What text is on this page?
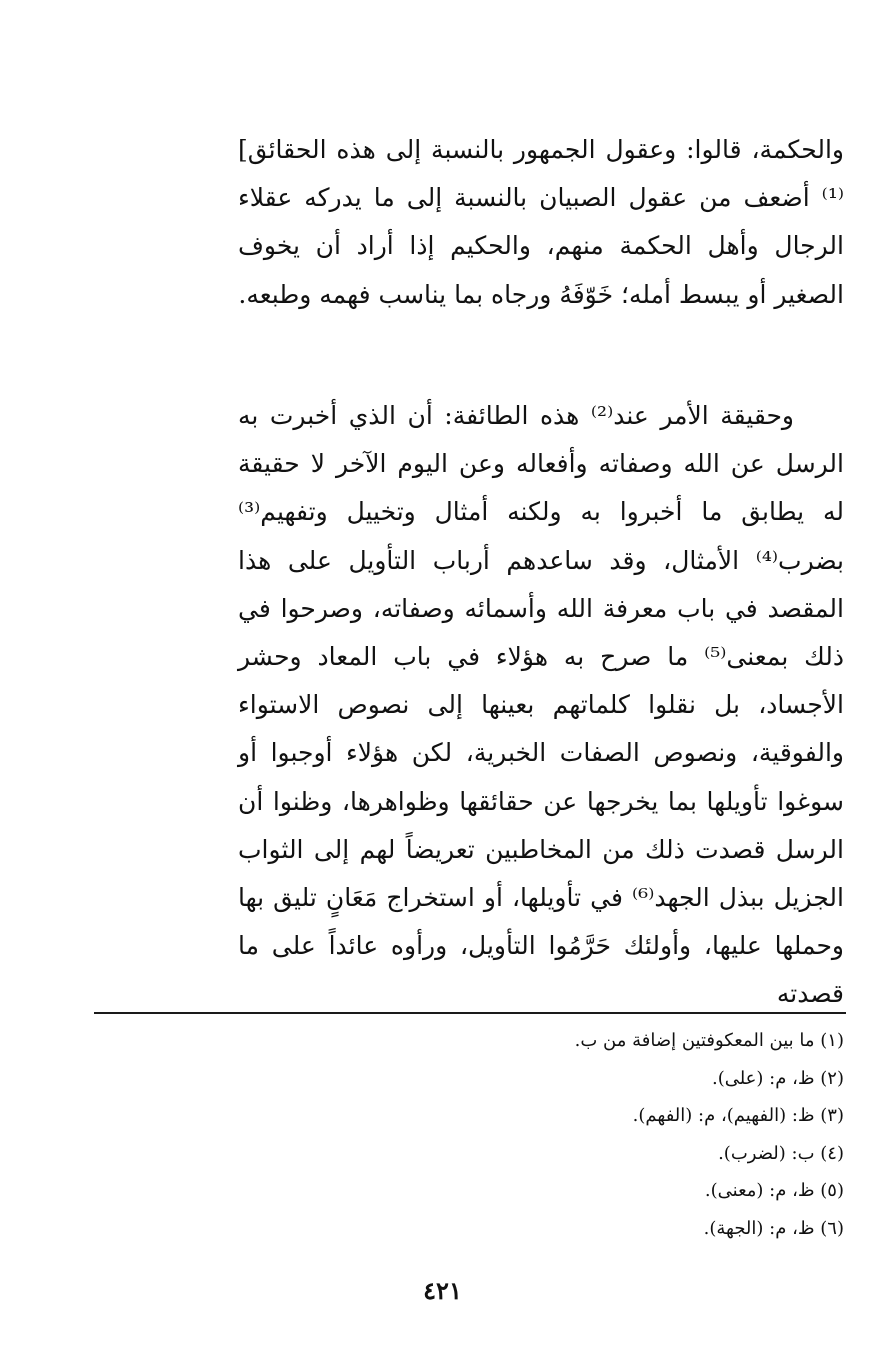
والحكمة، قالوا: وعقول الجمهور بالنسبة إلى هذه الحقائق]⁽¹⁾ أضعف من عقول الصبيان بالنسبة إلى ما يدركه عقلاء الرجال وأهل الحكمة منهم، والحكيم إذا أراد أن يخوف الصغير أو يبسط أمله؛ خَوّفَهُ ورجاه بما يناسب فهمه وطبعه.

وحقيقة الأمر عند⁽²⁾ هذه الطائفة: أن الذي أخبرت به الرسل عن الله وصفاته وأفعاله وعن اليوم الآخر لا حقيقة له يطابق ما أخبروا به ولكنه أمثال وتخييل وتفهيم⁽³⁾ بضرب⁽⁴⁾ الأمثال، وقد ساعدهم أرباب التأويل على هذا المقصد في باب معرفة الله وأسمائه وصفاته، وصرحوا في ذلك بمعنى⁽⁵⁾ ما صرح به هؤلاء في باب المعاد وحشر الأجساد، بل نقلوا كلماتهم بعينها إلى نصوص الاستواء والفوقية، ونصوص الصفات الخبرية، لكن هؤلاء أوجبوا أو سوغوا تأويلها بما يخرجها عن حقائقها وظواهرها، وظنوا أن الرسل قصدت ذلك من المخاطبين تعريضاً لهم إلى الثواب الجزيل ببذل الجهد⁽⁶⁾ في تأويلها، أو استخراج مَعَانٍ تليق بها وحملها عليها، وأولئك حَرَّمُوا التأويل، ورأوه عائداً على ما قصدته

(١) ما بين المعكوفتين إضافة من ب.
(٢) ظ، م: (على).
(٣) ظ: (الفهيم)، م: (الفهم).
(٤) ب: (لضرب).
(٥) ظ، م: (معنى).
(٦) ظ، م: (الجهة).
٤٢١
